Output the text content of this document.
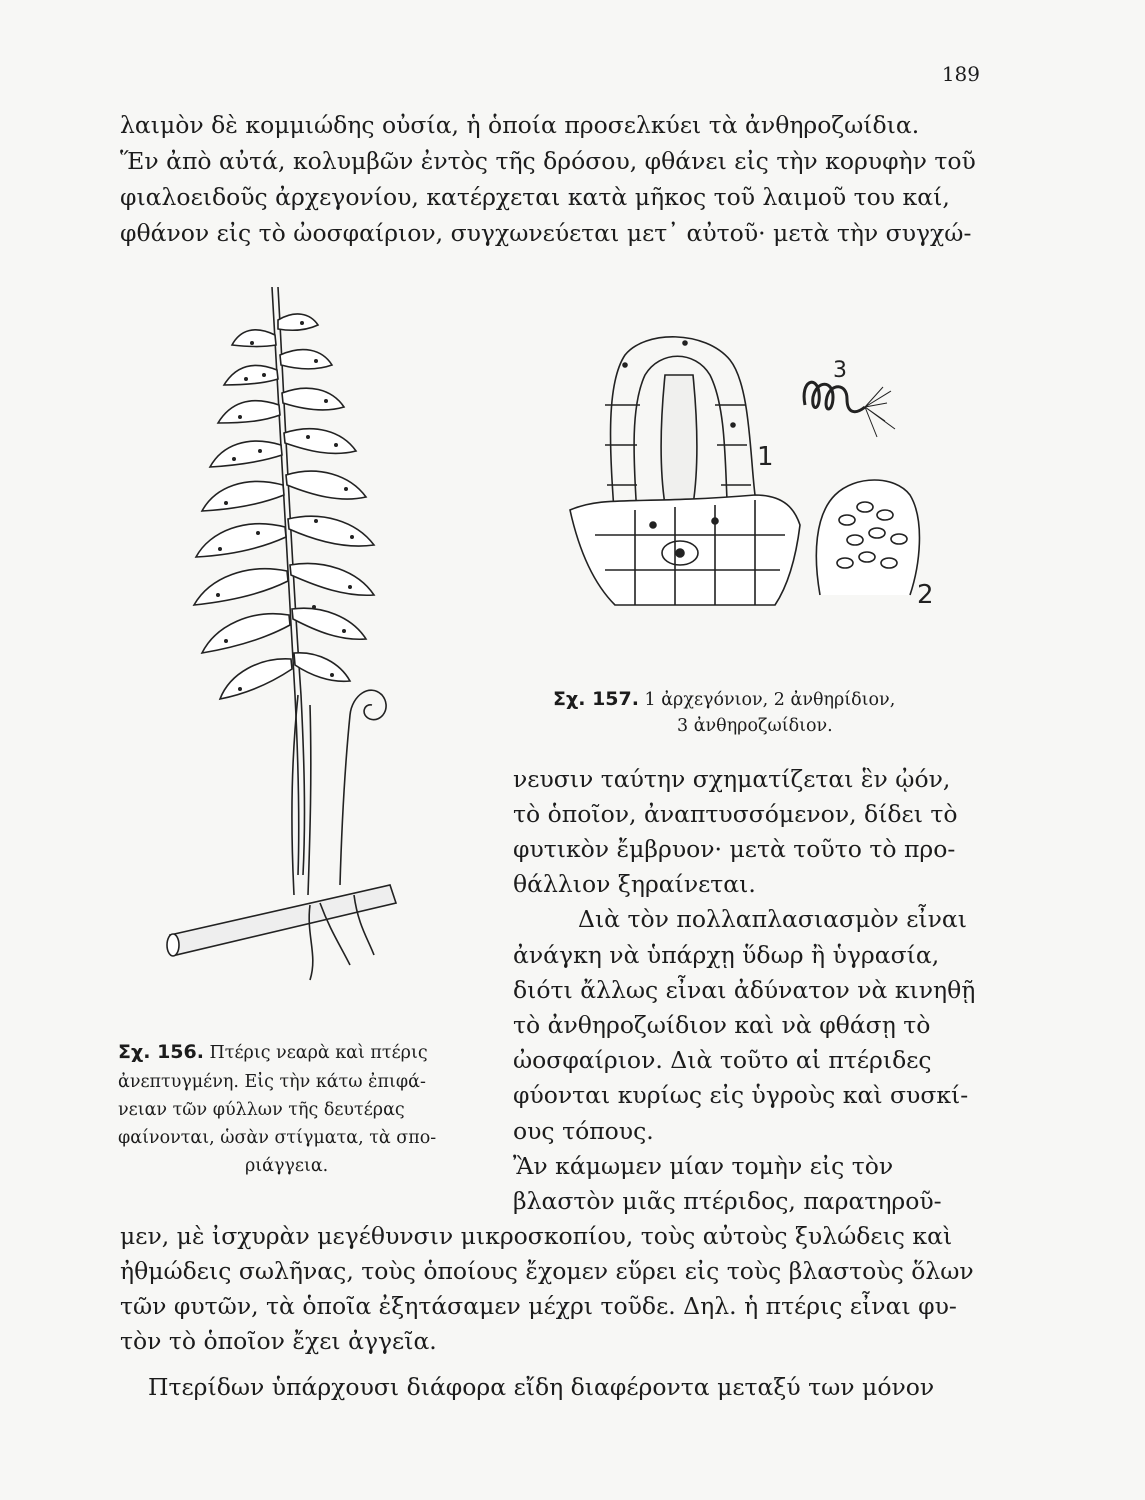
189
λαιμὸν δὲ κομμιώδης οὐσία, ἡ ὁποία προσελκύει τὰ ἀνθηροζωίδια.
Ἕν ἀπὸ αὐτά, κολυμβῶν ἐντὸς τῆς δρόσου, φθάνει εἰς τὴν κορυφὴν τοῦ
φιαλοειδοῦς ἀρχεγονίου, κατέρχεται κατὰ μῆκος τοῦ λαιμοῦ του καί,
φθάνον εἰς τὸ ὠοσφαίριον, συγχωνεύεται μετ᾽ αὐτοῦ· μετὰ τὴν συγχώ-
1
2
3
Σχ. 157. 1 ἀρχεγόνιον, 2 ἀνθηρίδιον,
3 ἀνθηροζωίδιον.
νευσιν ταύτην σχηματίζεται ἓν ᾠόν,
τὸ ὁποῖον, ἀναπτυσσόμενον, δίδει τὸ
φυτικὸν ἔμβρυον· μετὰ τοῦτο τὸ προ-
θάλλιον ξηραίνεται.
Διὰ τὸν πολλαπλασιασμὸν εἶναι
ἀνάγκη νὰ ὑπάρχῃ ὕδωρ ἢ ὑγρασία,
διότι ἄλλως εἶναι ἀδύνατον νὰ κινηθῇ
τὸ ἀνθηροζωίδιον καὶ νὰ φθάσῃ τὸ
ὠοσφαίριον. Διὰ τοῦτο αἱ πτέριδες
φύονται κυρίως εἰς ὑγροὺς καὶ συσκί-
ους τόπους.
Ἂν κάμωμεν μίαν τομὴν εἰς τὸν
βλαστὸν μιᾶς πτέριδος, παρατηροῦ-
Σχ. 156. Πτέρις νεαρὰ καὶ πτέρις
ἀνεπτυγμένη. Εἰς τὴν κάτω ἐπιφά-
νειαν τῶν φύλλων τῆς δευτέρας
φαίνονται, ὡσὰν στίγματα, τὰ σπο-
ριάγγεια.
μεν, μὲ ἰσχυρὰν μεγέθυνσιν μικροσκοπίου, τοὺς αὐτοὺς ξυλώδεις καὶ
ἠθμώδεις σωλῆνας, τοὺς ὁποίους ἔχομεν εὕρει εἰς τοὺς βλαστοὺς ὅλων
τῶν φυτῶν, τὰ ὁποῖα ἐξητάσαμεν μέχρι τοῦδε. Δηλ. ἡ πτέρις εἶναι φυ-
τὸν τὸ ὁποῖον ἔχει ἀγγεῖα.
Πτερίδων ὑπάρχουσι διάφορα εἴδη διαφέροντα μεταξύ των μόνον
